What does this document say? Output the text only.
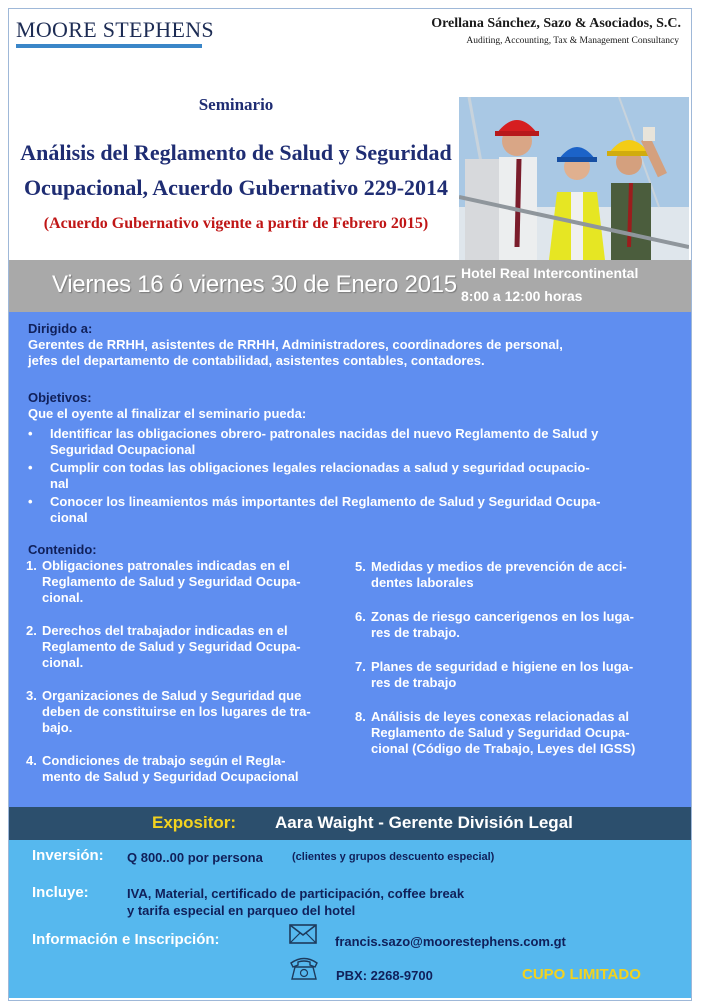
MOORE STEPHENS	Orellana Sánchez, Sazo & Asociados, S.C.
Auditing, Accounting, Tax & Management Consultancy
Seminario
Análisis del Reglamento de Salud y Seguridad
Ocupacional, Acuerdo Gubernativo 229-2014
(Acuerdo Gubernativo vigente a partir de Febrero 2015)
Viernes 16 ó viernes 30 de Enero 2015 Hotel Real Intercontinental
8:00 a 12:00 horas
Dirigido a:
Gerentes de RRHH, asistentes de RRHH, Administradores, coordinadores de personal,
jefes del departamento de contabilidad, asistentes contables, contadores.
Objetivos:
Que el oyente al finalizar el seminario pueda:
• Identificar las obligaciones obrero- patronales nacidas del nuevo Reglamento de Salud y
Seguridad Ocupacional
• Cumplir con todas las obligaciones legales relacionadas a salud y seguridad ocupacio-
nal
• Conocer los lineamientos más importantes del Reglamento de Salud y Seguridad Ocupa-
cional
Contenido:
1. Obligaciones patronales indicadas en el
Reglamento de Salud y Seguridad Ocupa-
cional.
2. Derechos del trabajador indicadas en el
Reglamento de Salud y Seguridad Ocupa-
cional.
3. Organizaciones de Salud y Seguridad que
deben de constituirse en los lugares de tra-
bajo.
4. Condiciones de trabajo según el Regla-
mento de Salud y Seguridad Ocupacional
5. Medidas y medios de prevención de acci-
dentes laborales
6. Zonas de riesgo cancerigenos en los luga-
res de trabajo.
7. Planes de seguridad e higiene en los luga-
res de trabajo
8. Análisis de leyes conexas relacionadas al
Reglamento de Salud y Seguridad Ocupa-
cional (Código de Trabajo, Leyes del IGSS)
Expositor: Aara Waight - Gerente División Legal
Inversión: Q 800..00 por persona	(clientes y grupos descuento especial)
Incluye:	IVA, Material, certificado de participación, coffee break
y tarifa especial en parqueo del hotel
Información e Inscripción:	francis.sazo@moorestephens.com.gt
PBX: 2268-9700	CUPO LIMITADO
